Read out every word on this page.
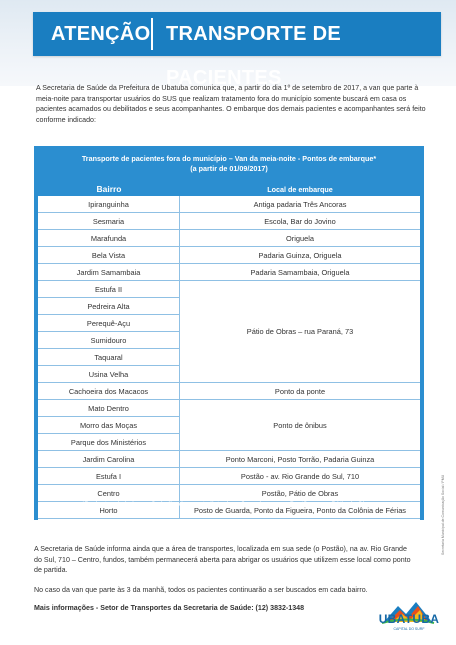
ATENÇÃO TRANSPORTE DE PACIENTES

A Secretaria de Saúde da Prefeitura de Ubatuba comunica que, a partir do dia 1º de setembro de 2017, a van que parte à meia-noite para transportar usuários do SUS que realizam tratamento fora do município somente buscará em casa os pacientes acamados ou debilitados e seus acompanhantes. O embarque dos demais pacientes e acompanhantes será feito conforme indicado:

Transporte de pacientes fora do município – Van da meia-noite - Pontos de embarque*
(a partir de 01/09/2017)
Bairro	Local de embarque
Ipiranguinha
Sesmaria
Marafunda
Bela Vista
Jardim Samambaia
Estufa II
Pedreira Alta
Perequê-Açu
Sumidouro
Taquaral
Usina Velha
Cachoeira dos Macacos
Mato Dentro
Morro das Moças
Parque dos Ministérios
Jardim Carolina
Estufa I
Centro
Horto
Antiga padaria Três Ancoras
Escola, Bar do Jovino
Origuela
Padaria Guinza, Origuela
Padaria Samambaia, Origuela
Pátio de Obras – rua Paraná, 73
Ponto da ponte
Ponto de ônibus
Ponto Marconi, Posto Torrão, Padaria Guinza
Postão - av. Rio Grande do Sul, 710
Postão, Pátio de Obras
Posto de Guarda, Ponto da Figueira, Ponto da Colônia de Férias
*Pacientes de bairros não indicados nesta lista deverão embarcar no Postão ou no Pátio de Obras

A Secretaria de Saúde informa ainda que a área de transportes, localizada em sua sede (o Postão), na av. Rio Grande do Sul, 710 – Centro, fundos, também permanecerá aberta para abrigar os usuários que utilizem esse local como ponto de partida.

No caso da van que parte às 3 da manhã, todos os pacientes continuarão a ser buscados em cada bairro.

Mais informações - Setor de Transportes da Secretaria de Saúde: (12) 3832-1348
Secretaria Municipal de Comunicação Social / PMU
UBATUBA
CAPITAL DO SURF
